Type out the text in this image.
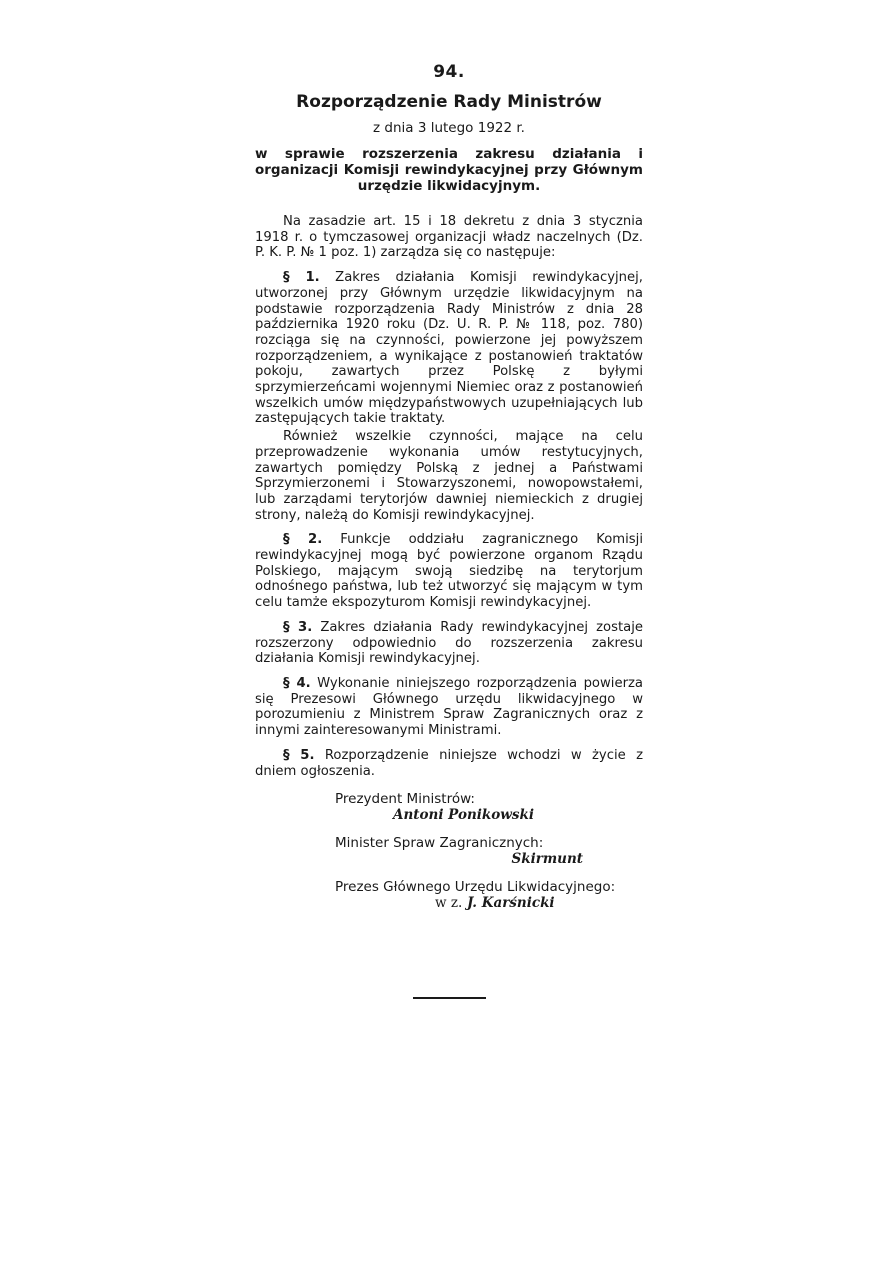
94.
Rozporządzenie Rady Ministrów
z dnia 3 lutego 1922 r.
w sprawie rozszerzenia zakresu działania i organizacji Komisji rewindykacyjnej przy Głównym urzędzie likwidacyjnym.

Na zasadzie art. 15 i 18 dekretu z dnia 3 stycznia 1918 r. o tymczasowej organizacji władz naczelnych (Dz. P. K. P. № 1 poz. 1) zarządza się co następuje:

§ 1. Zakres działania Komisji rewindykacyjnej, utworzonej przy Głównym urzędzie likwidacyjnym na podstawie rozporządzenia Rady Ministrów z dnia 28 października 1920 roku (Dz. U. R. P. № 118, poz. 780) rozciąga się na czynności, powierzone jej powyższem rozporządzeniem, a wynikające z postanowień traktatów pokoju, zawartych przez Polskę z byłymi sprzymierzeńcami wojennymi Niemiec oraz z postanowień wszelkich umów międzypaństwowych uzupełniających lub zastępujących takie traktaty.

Również wszelkie czynności, mające na celu przeprowadzenie wykonania umów restytucyjnych, zawartych pomiędzy Polską z jednej a Państwami Sprzymierzonemi i Stowarzyszonemi, nowopowstałemi, lub zarządami terytorjów dawniej niemieckich z drugiej strony, należą do Komisji rewindykacyjnej.

§ 2. Funkcje oddziału zagranicznego Komisji rewindykacyjnej mogą być powierzone organom Rządu Polskiego, mającym swoją siedzibę na terytorjum odnośnego państwa, lub też utworzyć się mającym w tym celu tamże ekspozyturom Komisji rewindykacyjnej.

§ 3. Zakres działania Rady rewindykacyjnej zostaje rozszerzony odpowiednio do rozszerzenia zakresu działania Komisji rewindykacyjnej.

§ 4. Wykonanie niniejszego rozporządzenia powierza się Prezesowi Głównego urzędu likwidacyjnego w porozumieniu z Ministrem Spraw Zagranicznych oraz z innymi zainteresowanymi Ministrami.

§ 5. Rozporządzenie niniejsze wchodzi w życie z dniem ogłoszenia.

Prezydent Ministrów:
Antoni Ponikowski
Minister Spraw Zagranicznych:
Skirmunt
Prezes Głównego Urzędu Likwidacyjnego:
w z. J. Karśnicki
